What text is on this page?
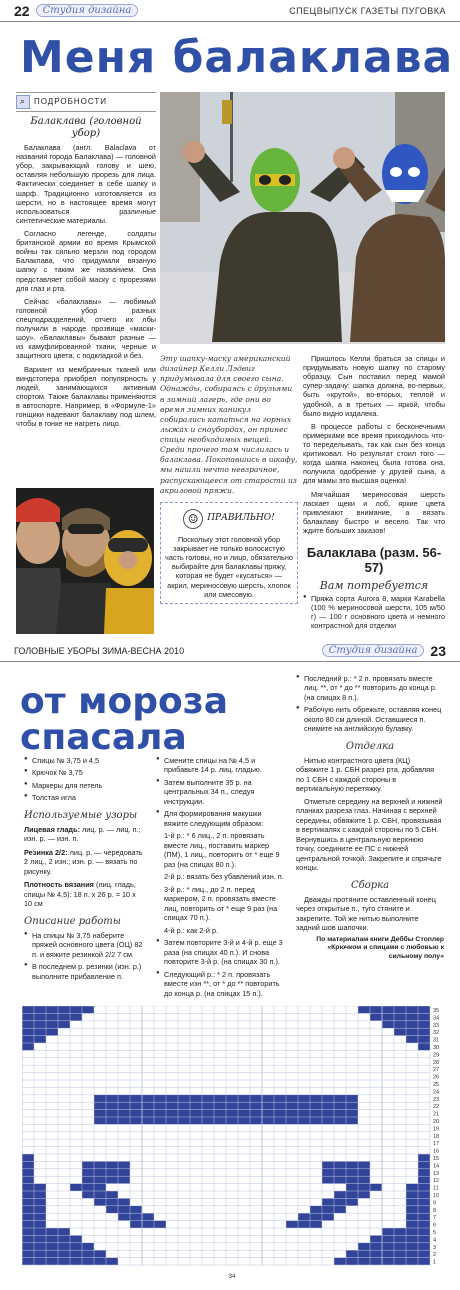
22	Студия дизайна	СПЕЦВЫПУСК ГАЗЕТЫ ПУГОВКА
Меня балаклава
⌕ ПОДРОБНОСТИ
Балаклава (головной убор)

Балаклава (англ. Balaclava от названия города Балаклава) — головной убор, закрывающий голову и шею, оставляя небольшую прорезь для лица. Фактически соединяет в себе шапку и шарф. Традиционно изготовляется из шерсти, но в настоящее время могут использоваться различные синтетические материалы.

Согласно легенде, солдаты британской армии во время Крымской войны так сильно мерзли под городом Балаклава, что придумали вязаную шапку с таким же названием. Она представляет собой маску с прорезями для глаз и рта.

Сейчас «балаклавы» — любимый головной убор разных спецподразделений, отчего их лбы получили в народе прозвище «маски-шоу». «Балаклавы» бывают разные — из камуфлированной ткани, черные и защитного цвета, с подкладкой и без.

Вариант из мембранных тканей или виндстопера приобрел популярность у людей, занимающихся активным спортом. Также балаклавы применяются в автоспорте. Например, в «Формуле-1» гонщики надевают балаклаву под шлем, чтобы в гонке не нагреть лицо.

Эту шапку-маску американский дизайнер Келли Лэдвиг придумывала для своего сына. Однажды, собираясь с друзьями в зимний лагерь, где они во время зимних каникул собирались кататься на горных лыжах и сноубордах, он принес спицы необходимых вещей. Среди прочего там числилась и балаклава. Покопавшись в шкафу, мы нашли нечто невзрачное, распускающееся от старости из акриловой пряжи.

Пришлось Келли браться за спицы и придумывать новую шапку по старому образцу. Сын поставил перед мамой супер-задачу: шапка должна, во-первых, быть «крутой», во-вторых, теплой и удобной, а в третьих — яркой, чтобы было видно издалека.

В процессе работы с бесконечными примерками все время приходилось что-то переделывать, так как сын без конца критиковал. Но результат стоил того — когда шапка наконец была готова она, получила одобрение у друзей сына, а для мамы это высшая оценка!

Мягчайшая мериносовая шерсть ласкает щеки и лоб, яркие цвета привлекают внимание, а вязать балаклаву быстро и весело. Так что ждите больших заказов!

☺ ПРАВИЛЬНО!
Поскольку этот головной убор закрывает не только волосистую часть головы, но и лицо, обязательно выбирайте для балаклавы пряжу, которая не будет «кусаться» — акрил, мериносовую шерсть, хлопок или смесовую.
Балаклава (разм. 56-57)
Вам потребуется
● Пряжа сорта Aurora 8, марки Karabella (100 % мериносовой шерсти, 105 м/50 г) — 100 г основного цвета и немного контрастной для отделки
ГОЛОВНЫЕ УБОРЫ ЗИМА-ВЕСНА 2010	Студия дизайна 23
от мороза
спасала
● Спицы № 3,75 и 4,5
● Крючок № 3,75
● Маркеры для петель
● Толстая игла
Используемые узоры

Лицевая гладь: лиц. р. — лиц. п.; изн. р. — изн. п.

Резинка 2/2: лиц. р. — чередовать 2 лиц., 2 изн.; изн. р. — вязать по рисунку.

Плотность вязания (лиц. гладь, спицы № 4,5): 18 п. х 26 р. = 10 х 10 см

Описание работы
● На спицы № 3,75 наберите пряжей основного цвета (ОЦ) 82 п. и вяжите резинкой 2/2 7 см.
● В последнем р. резинки (изн. р.) выполните прибавление п.
● Смените спицы на № 4,5 и прибавьте 14 р. лиц. гладью.
● Затем выполните 35 р. на центральных 34 п., следуя инструкции.
● Для формирования макушки вяжите следующим образом:
1-й р.: * 6 лиц., 2 п. провязать вместе лиц., поставить маркер (ПМ), 1 лиц., повторить от * еще 9 раз (на спицах 80 п.).
2-й р.: вязать без убавлений изн. п.
3-й р.: * лиц., до 2 п. перед маркером, 2 п. провязать вместе лиц, повторить от * еще 9 раз (на спицах 70 п.).
4-й р.: как 2-й р.
● Затем повторите 3-й и 4-й р. еще 3 раза (на спицах 40 п.). И снова повторите 3-й р. (на спицах 30 п.).
● Следующий р.: * 2 п. провязать вместе изн **, от * до ** повторить до конца р. (на спицах 15 п.).
● Последний р.: * 2 п. провязать вместе лиц. **, от * до ** повторить до конца р. (на спицах 8 п.).
● Рабочую нить обрежьте, оставляя конец около 80 см длиной. Оставшиеся п. снимите на английскую булавку.
Отделка

Нитью контрастного цвета (КЦ) обвяжите 1 р. СБН разрез рта, добавляя по 1 СБН с каждой стороны в вертикальную перетяжку.

Отметьте середину на верхней и нижней планках разреза глаз. Начиная с верхней середины, обвяжите 1 р. СБН, провязывая в вертикалях с каждой стороны по 5 СБН. Вернувшись в центральную верхнюю точку, соедините ее ПС с нижней центральной точкой. Закрепите и спрячьте концы.

Сборка

Дважды протяните оставленный конец через открытые п., туго стяните и закрепите. Той же нитью выполните задний шов шапочки.

По материалам книги Деббы Стоплер «Крючком и спицами с любовью к сильному полу»

35
34
33
32
31
30
29
28
27
26
25
24
23
22
21
20
19
18
17
16
15
14
13
12
11
10
9
8
7
6
5
4
3
2
1
34
